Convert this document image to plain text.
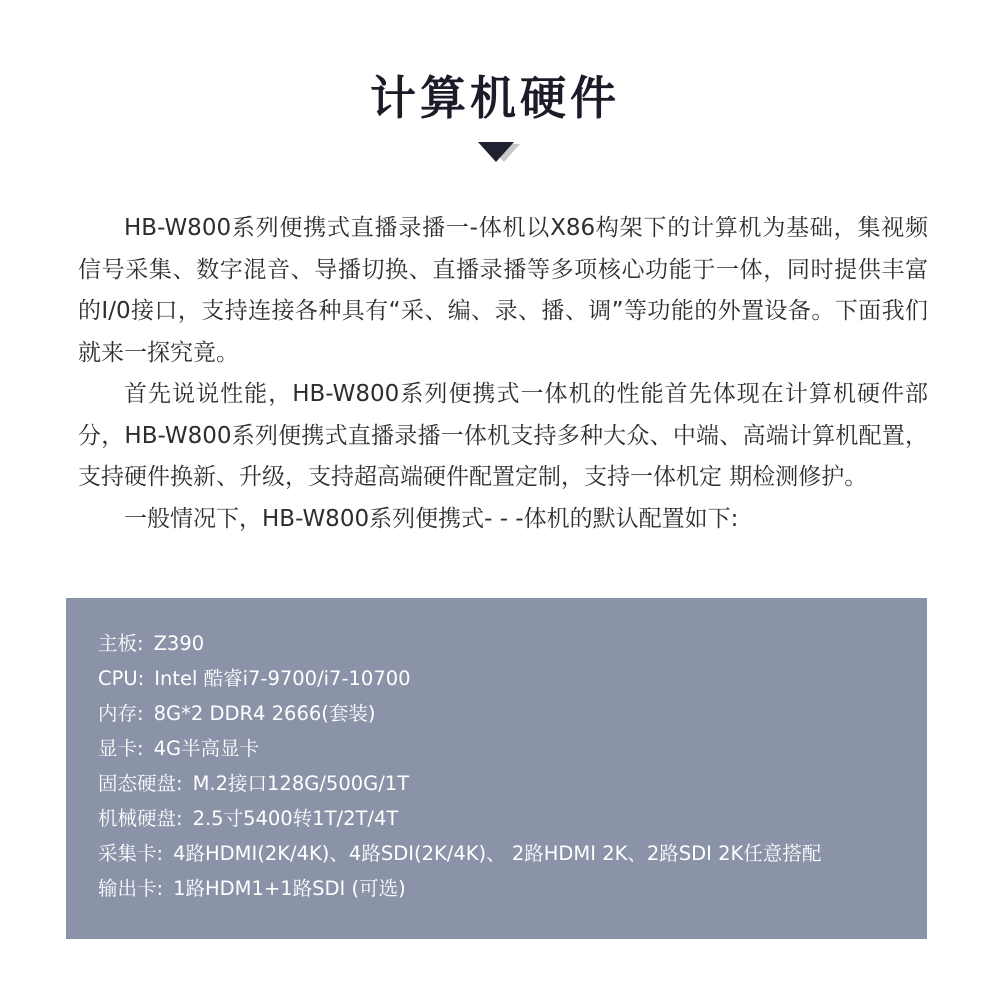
计算机硬件

HB-W800系列便携式直播录播一-体机以X86构架下的计算机为基础，集视频信号采集、数字混音、导播切换、直播录播等多项核心功能于一体，同时提供丰富的I/0接口，支持连接各种具有“采、编、录、播、调”等功能的外置设备。下面我们就来一探究竟。

首先说说性能，HB-W800系列便携式一体机的性能首先体现在计算机硬件部分，HB-W800系列便携式直播录播一体机支持多种大众、中端、高端计算机配置，支持硬件换新、升级，支持超高端硬件配置定制，支持一体机定 期检测修护。

一般情况下，HB-W800系列便携式- - -体机的默认配置如下:

主板: Z390
CPU: Intel 酷睿i7-9700/i7-10700
内存: 8G*2 DDR4 2666(套装)
显卡: 4G半高显卡
固态硬盘: M.2接口128G/500G/1T
机械硬盘: 2.5寸5400转1T/2T/4T
采集卡: 4路HDMI(2K/4K)、4路SDI(2K/4K)、 2路HDMI 2K、2路SDI 2K任意搭配
输出卡: 1路HDM1+1路SDI (可选)
